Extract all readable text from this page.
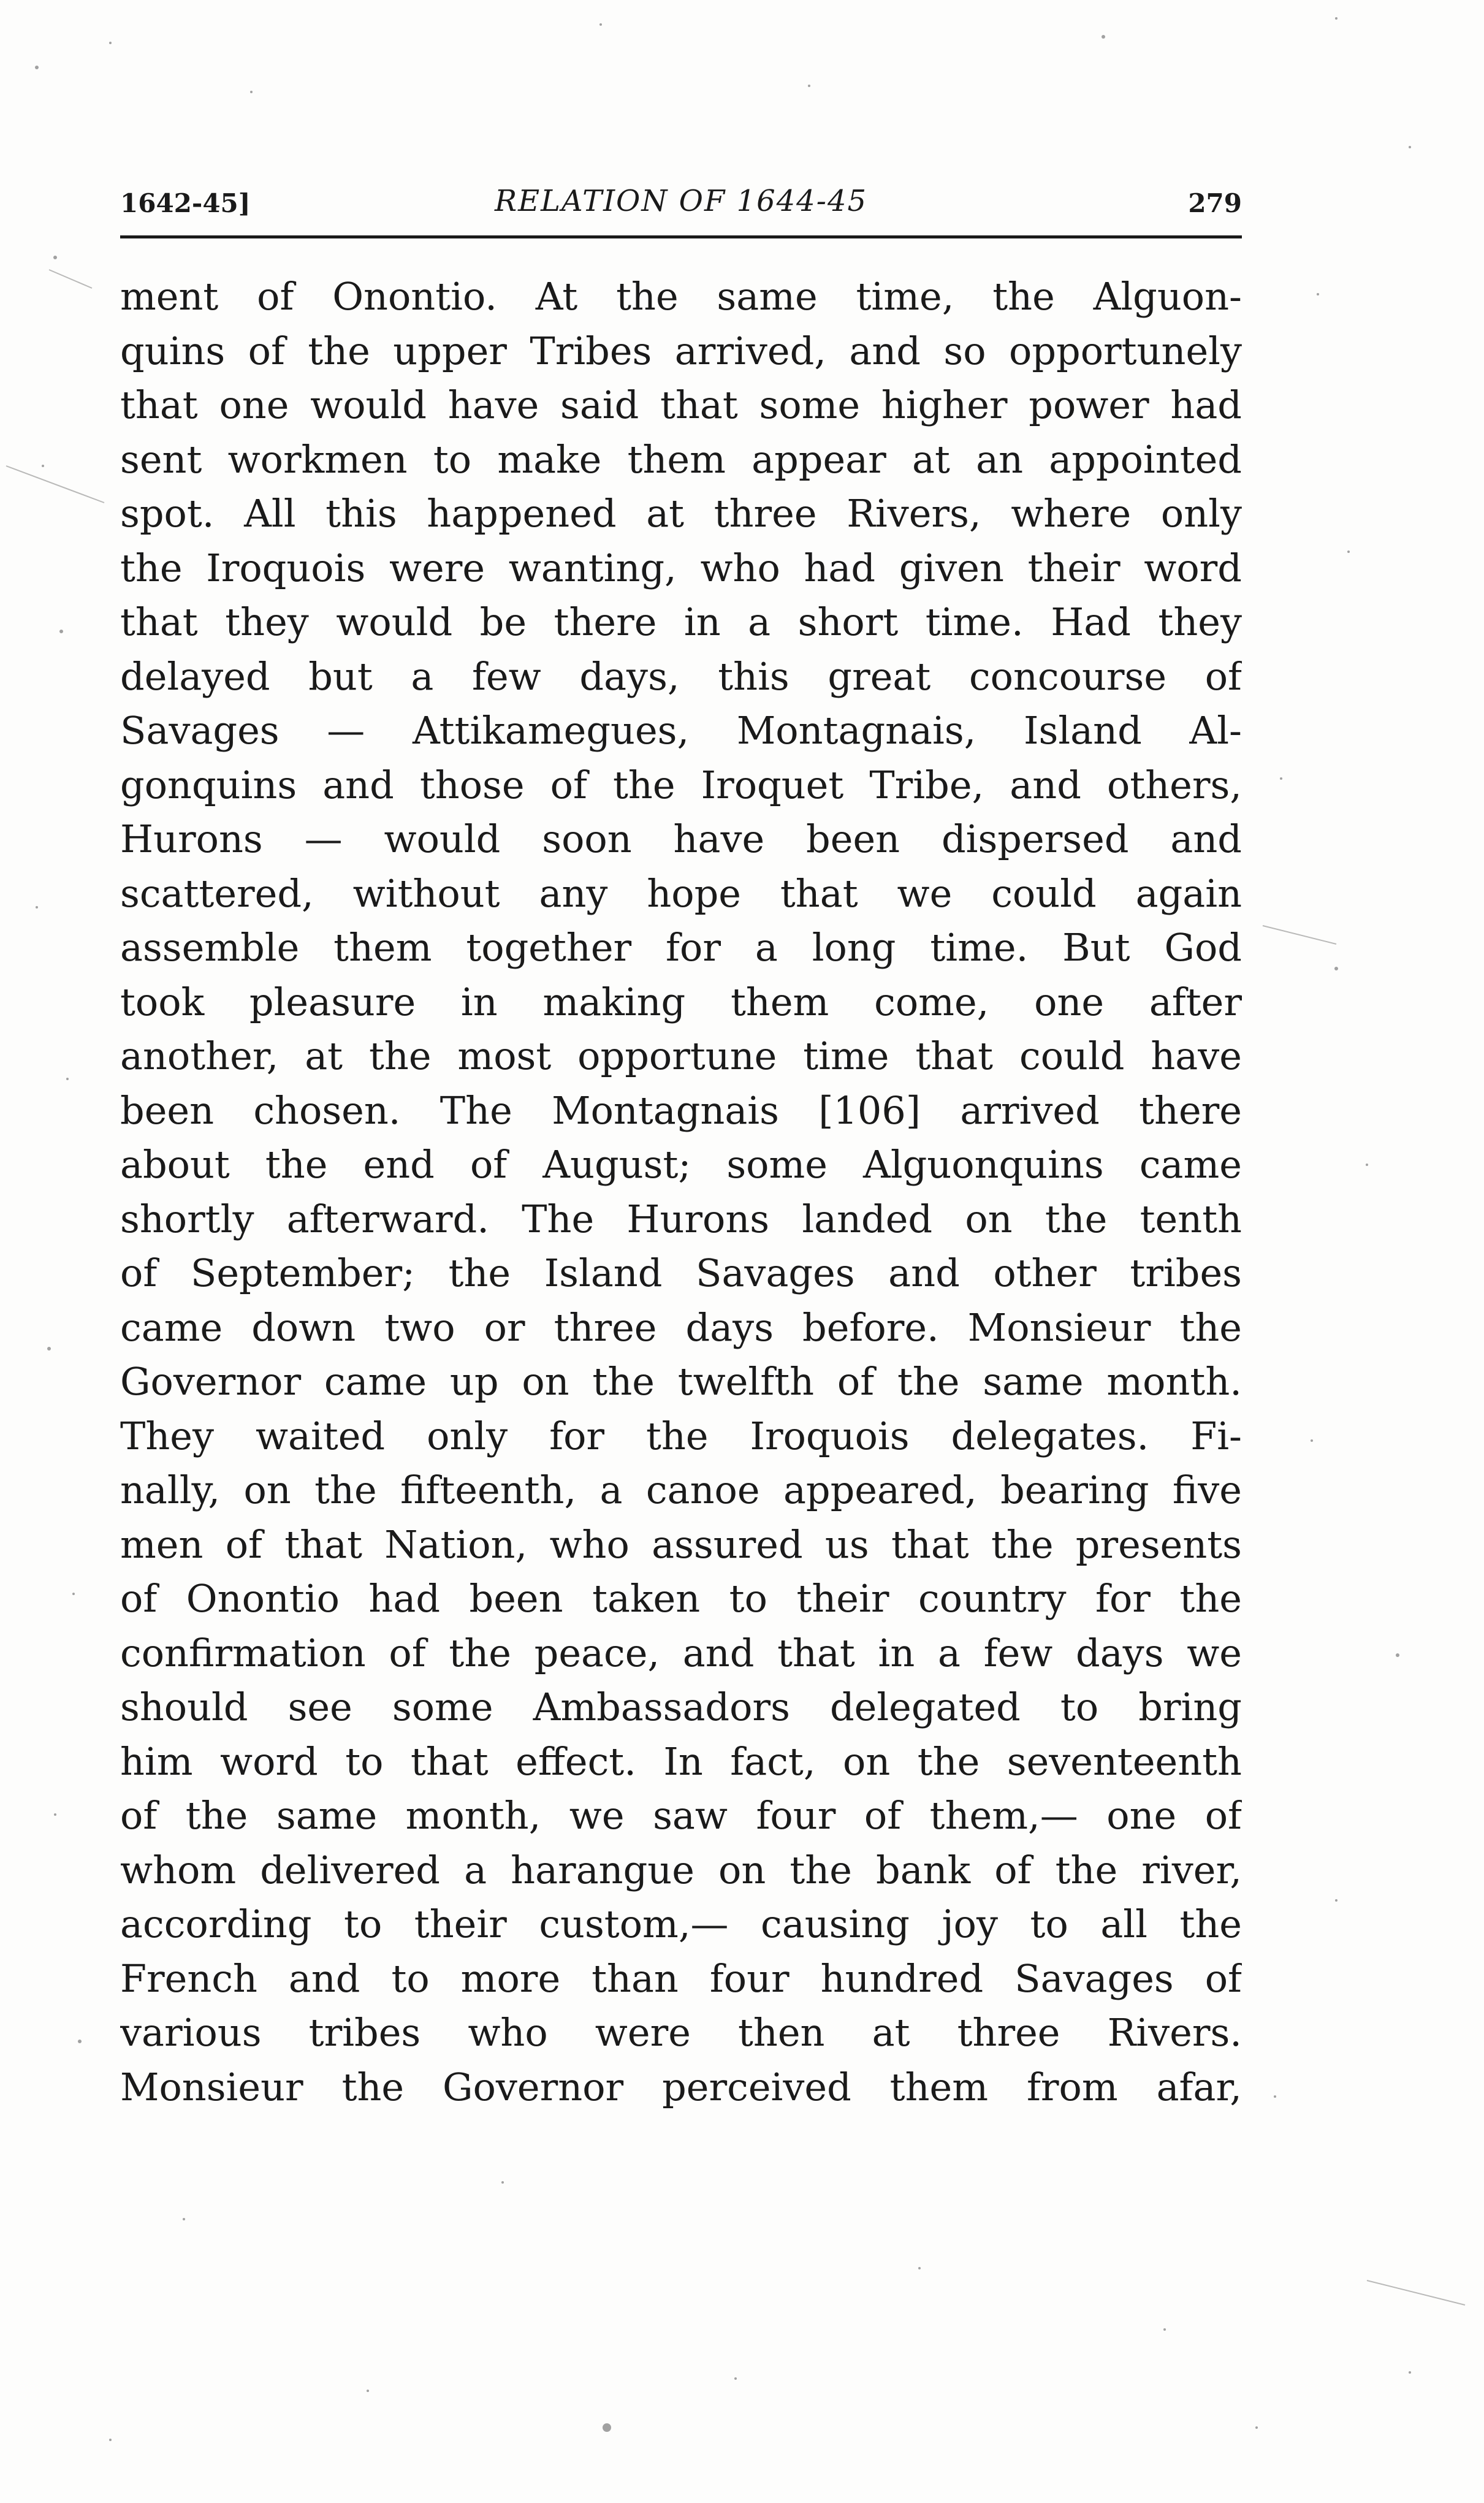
1642-45]	RELATION OF 1644-45	279
ment of Onontio. At the same time, the Alguon-
quins of the upper Tribes arrived, and so opportunely
that one would have said that some higher power had
sent workmen to make them appear at an appointed
spot. All this happened at three Rivers, where only
the Iroquois were wanting, who had given their word
that they would be there in a short time. Had they
delayed but a few days, this great concourse of
Savages — Attikamegues, Montagnais, Island Al-
gonquins and those of the Iroquet Tribe, and others,
Hurons — would soon have been dispersed and
scattered, without any hope that we could again
assemble them together for a long time. But God
took pleasure in making them come, one after
another, at the most opportune time that could have
been chosen. The Montagnais [106] arrived there
about the end of August; some Alguonquins came
shortly afterward. The Hurons landed on the tenth
of September; the Island Savages and other tribes
came down two or three days before. Monsieur the
Governor came up on the twelfth of the same month.
They waited only for the Iroquois delegates. Fi-
nally, on the fifteenth, a canoe appeared, bearing five
men of that Nation, who assured us that the presents
of Onontio had been taken to their country for the
confirmation of the peace, and that in a few days we
should see some Ambassadors delegated to bring
him word to that effect. In fact, on the seventeenth
of the same month, we saw four of them,— one of
whom delivered a harangue on the bank of the river,
according to their custom,— causing joy to all the
French and to more than four hundred Savages of
various tribes who were then at three Rivers.
Monsieur the Governor perceived them from afar,
